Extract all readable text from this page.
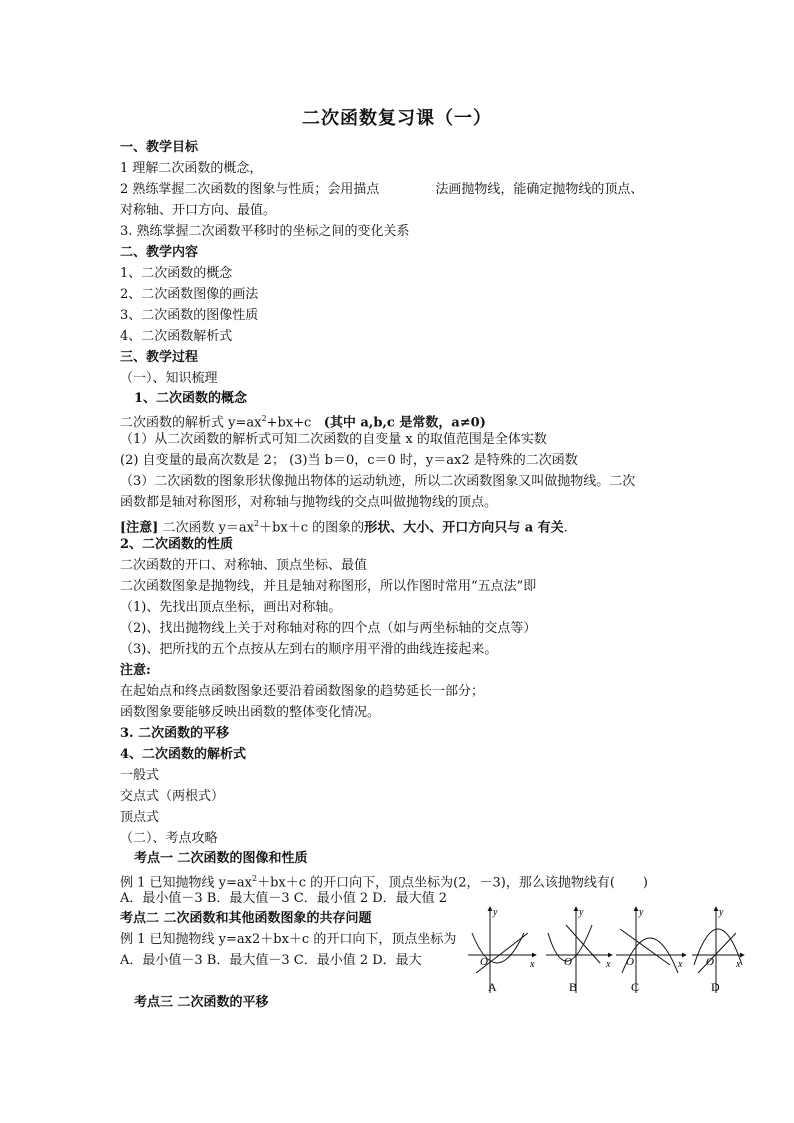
二次函数复习课（一）
一、教学目标
1 理解二次函数的概念，
2 熟练掌握二次函数的图象与性质；会用描点	法画抛物线，能确定抛物线的顶点、
对称轴、开口方向、最值。
3. 熟练掌握二次函数平移时的坐标之间的变化关系
二、教学内容
1、二次函数的概念
2、二次函数图像的画法
3、二次函数的图像性质
4、二次函数解析式
三、教学过程
（一）、知识梳理
1、二次函数的概念
二次函数的解析式 $y=ax^2+bx+c$ (其中 a,b,c 是常数，a≠0)
（1）从二次函数的解析式可知二次函数的自变量 x 的取值范围是全体实数
(2) 自变量的最高次数是 2； (3)当 b＝0，c＝0 时，y＝ax2 是特殊的二次函数
（3）二次函数的图象形状像抛出物体的运动轨迹，所以二次函数图象又叫做抛物线。二次
函数都是轴对称图形，对称轴与抛物线的交点叫做抛物线的顶点。
[注意] 二次函数 $y=ax^2+bx+c$ 的图象的形状、大小、开口方向只与 a 有关.
2、二次函数的性质
二次函数的开口、对称轴、顶点坐标、最值
二次函数图象是抛物线，并且是轴对称图形，所以作图时常用“五点法”即
（1)、先找出顶点坐标，画出对称轴。
（2)、找出抛物线上关于对称轴对称的四个点（如与两坐标轴的交点等）
（3)、把所找的五个点按从左到右的顺序用平滑的曲线连接起来。
注意:
在起始点和终点函数图象还要沿着函数图象的趋势延长一部分；
函数图象要能够反映出函数的整体变化情况。
3. 二次函数的平移
4、二次函数的解析式
一般式
交点式（两根式）
顶点式
（二）、考点攻略
考点一 二次函数的图像和性质
例 1 已知抛物线 $y=ax^2+bx+c$ 的开口向下，顶点坐标为(2，－3)，那么该抛物线有( )
A．最小值－3 B．最大值－3 C．最小值 2 D．最大值 2
考点二 二次函数和其他函数图象的共存问题
例 1 已知抛物线 y=ax2＋bx＋c 的开口向下，顶点坐标为
A．最小值－3 B．最大值－3 C．最小值 2 D．最大
考点三 二次函数的平移
x
y
O	x
y
O	x
y
O	x
y
O
A	B	C	D
